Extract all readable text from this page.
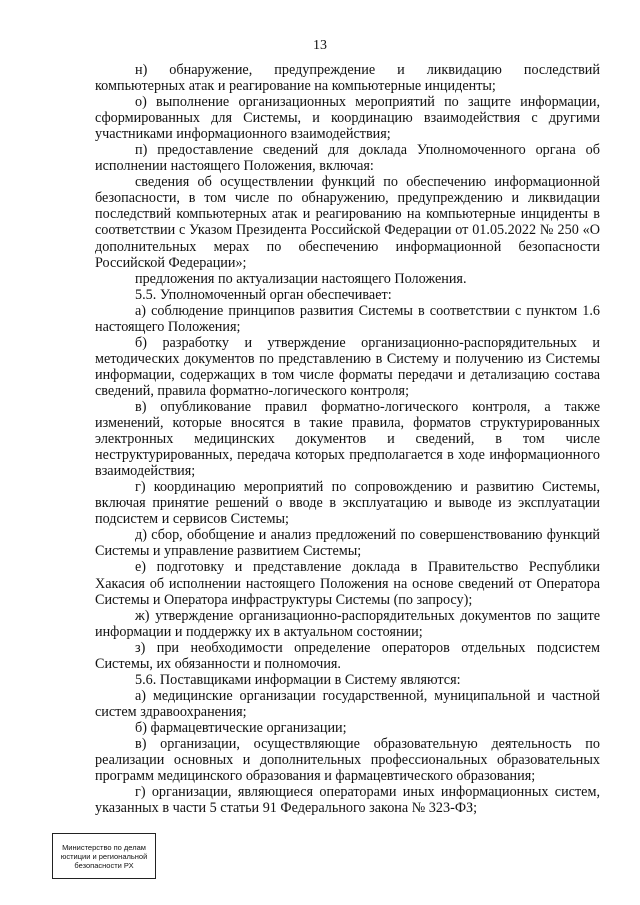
13

н) обнаружение, предупреждение и ликвидацию последствий компьютерных атак и реагирование на компьютерные инциденты;

о) выполнение организационных мероприятий по защите информации, сформированных для Системы, и координацию взаимодействия с другими участниками информационного взаимодействия;

п) предоставление сведений для доклада Уполномоченного органа об исполнении настоящего Положения, включая:

сведения об осуществлении функций по обеспечению информационной безопасности, в том числе по обнаружению, предупреждению и ликвидации последствий компьютерных атак и реагированию на компьютерные инциденты в соответствии с Указом Президента Российской Федерации от 01.05.2022 № 250 «О дополнительных мерах по обеспечению информационной безопасности Российской Федерации»;

предложения по актуализации настоящего Положения.

5.5. Уполномоченный орган обеспечивает:

а) соблюдение принципов развития Системы в соответствии с пунктом 1.6 настоящего Положения;

б) разработку и утверждение организационно-распорядительных и методических документов по представлению в Систему и получению из Системы информации, содержащих в том числе форматы передачи и детализацию состава сведений, правила форматно-логического контроля;

в) опубликование правил форматно-логического контроля, а также изменений, которые вносятся в такие правила, форматов структурированных электронных медицинских документов и сведений, в том числе неструктурированных, передача которых предполагается в ходе информационного взаимодействия;

г) координацию мероприятий по сопровождению и развитию Системы, включая принятие решений о вводе в эксплуатацию и выводе из эксплуатации подсистем и сервисов Системы;

д) сбор, обобщение и анализ предложений по совершенствованию функций Системы и управление развитием Системы;

е) подготовку и представление доклада в Правительство Республики Хакасия об исполнении настоящего Положения на основе сведений от Оператора Системы и Оператора инфраструктуры Системы (по запросу);

ж) утверждение организационно-распорядительных документов по защите информации и поддержку их в актуальном состоянии;

з) при необходимости определение операторов отдельных подсистем Системы, их обязанности и полномочия.

5.6. Поставщиками информации в Систему являются:

а) медицинские организации государственной, муниципальной и частной систем здравоохранения;

б) фармацевтические организации;

в) организации, осуществляющие образовательную деятельность по реализации основных и дополнительных профессиональных образовательных программ медицинского образования и фармацевтического образования;

г) организации, являющиеся операторами иных информационных систем, указанных в части 5 статьи 91 Федерального закона № 323-ФЗ;

Министерство по делам
юстиции и региональной
безопасности РХ
